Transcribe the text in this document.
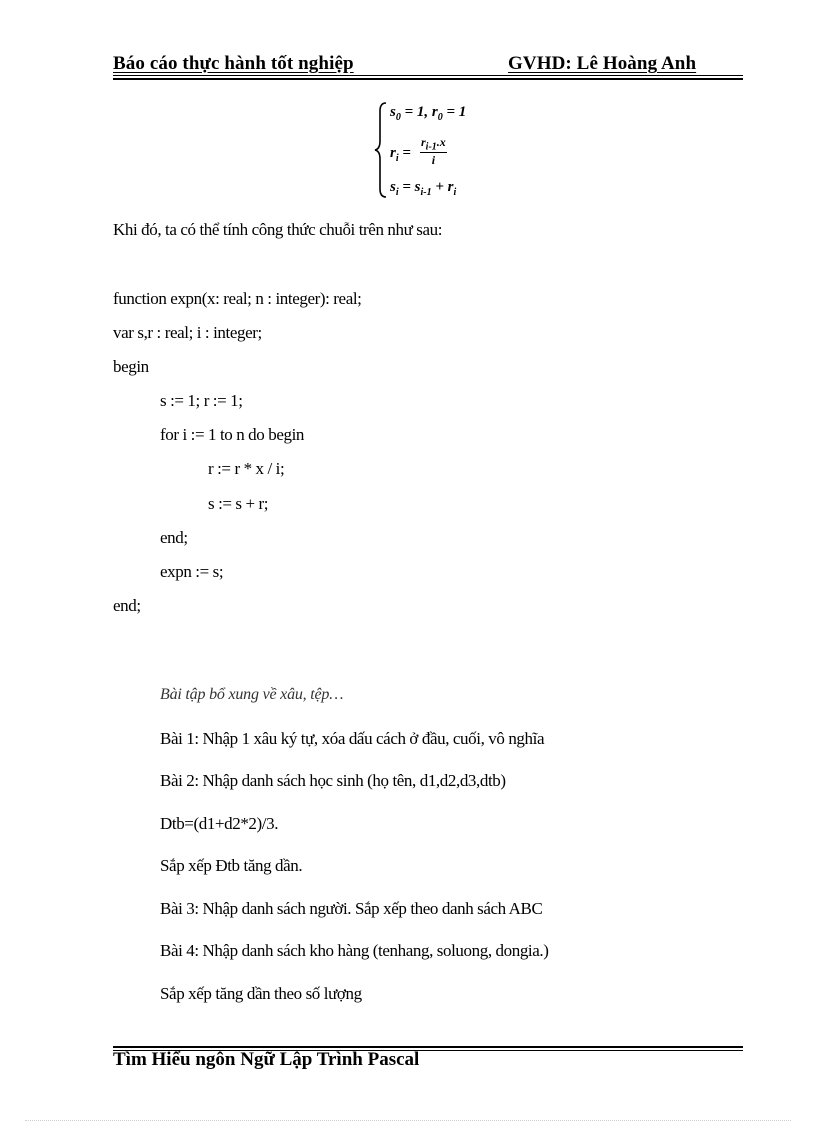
Báo cáo thực hành tốt nghiệp	GVHD: Lê Hoàng Anh
$s_0 = 1$, $r_0 = 1$
$r_i = \frac{r_{i-1}.x}{i}$
$s_i = s_{i-1} + r_i$
Khi đó, ta có thể tính công thức chuỗi trên như sau:
function expn(x: real; n : integer): real;
var s,r : real; i : integer;
begin
s := 1; r := 1;
for i := 1 to n do begin
r := r * x / i;
s := s + r;
end;
expn := s;
end;
Bài tập bổ xung về xâu, tệp…
Bài 1: Nhập 1 xâu ký tự, xóa dấu cách ở đầu, cuối, vô nghĩa
Bài 2: Nhập danh sách học sinh (họ tên, d1,d2,d3,dtb)
Dtb=(d1+d2*2)/3.
Sắp xếp Đtb tăng dần.
Bài 3: Nhập danh sách người. Sắp xếp theo danh sách ABC
Bài 4: Nhập danh sách kho hàng (tenhang, soluong, dongia.)
Sắp xếp tăng dần theo số lượng
Tìm Hiểu ngôn Ngữ Lập Trình Pascal
